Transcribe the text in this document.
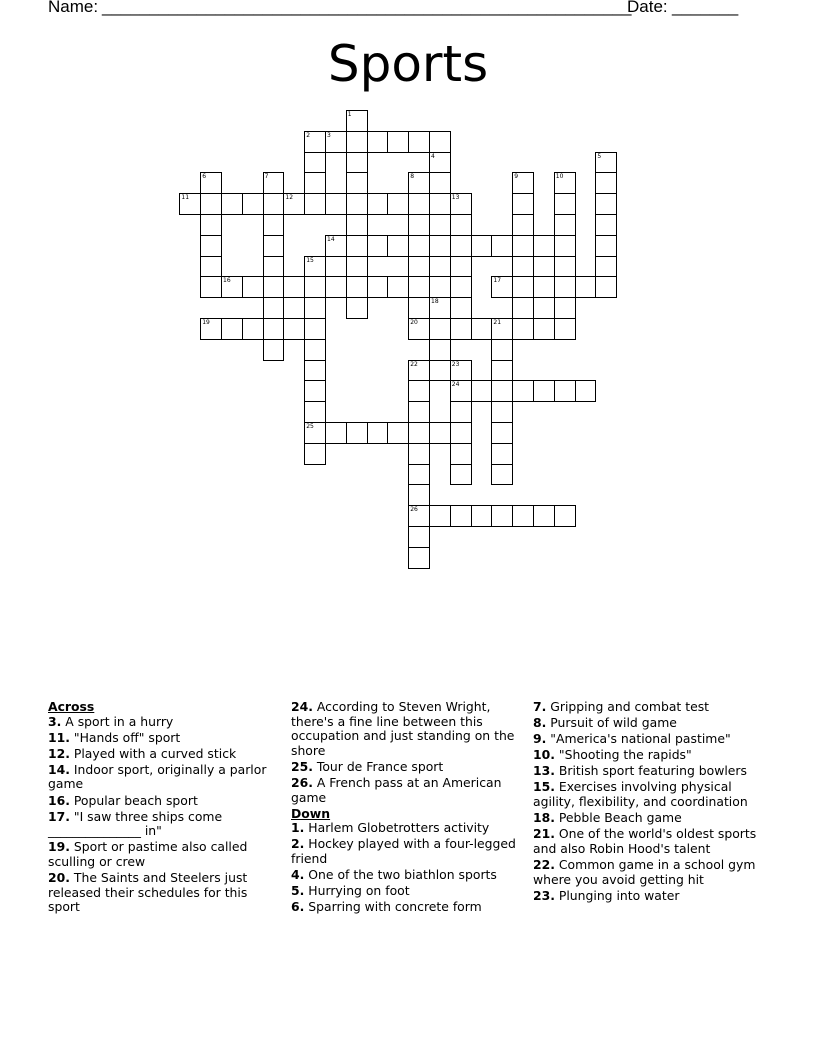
Name: ________________________________________________________
Date: _______
Sports
1
2	3
4	5
6	7	8	9	10
11	12	13
14
15
25
16	17
18
19	20	21
22
26
23
24
Across
3. A sport in a hurry
11. "Hands off" sport
12. Played with a curved stick
14. Indoor sport, originally a parlor game
16. Popular beach sport
17. "I saw three ships come _______________ in"
19. Sport or pastime also called sculling or crew
20. The Saints and Steelers just released their schedules for this sport
24. According to Steven Wright, there's a fine line between this occupation and just standing on the shore
25. Tour de France sport
26. A French pass at an American game
Down
1. Harlem Globetrotters activity
2. Hockey played with a four-legged friend
4. One of the two biathlon sports
5. Hurrying on foot
6. Sparring with concrete form
7. Gripping and combat test
8. Pursuit of wild game
9. "America's national pastime"
10. "Shooting the rapids"
13. British sport featuring bowlers
15. Exercises involving physical agility, flexibility, and coordination
18. Pebble Beach game
21. One of the world's oldest sports and also Robin Hood's talent
22. Common game in a school gym where you avoid getting hit
23. Plunging into water
